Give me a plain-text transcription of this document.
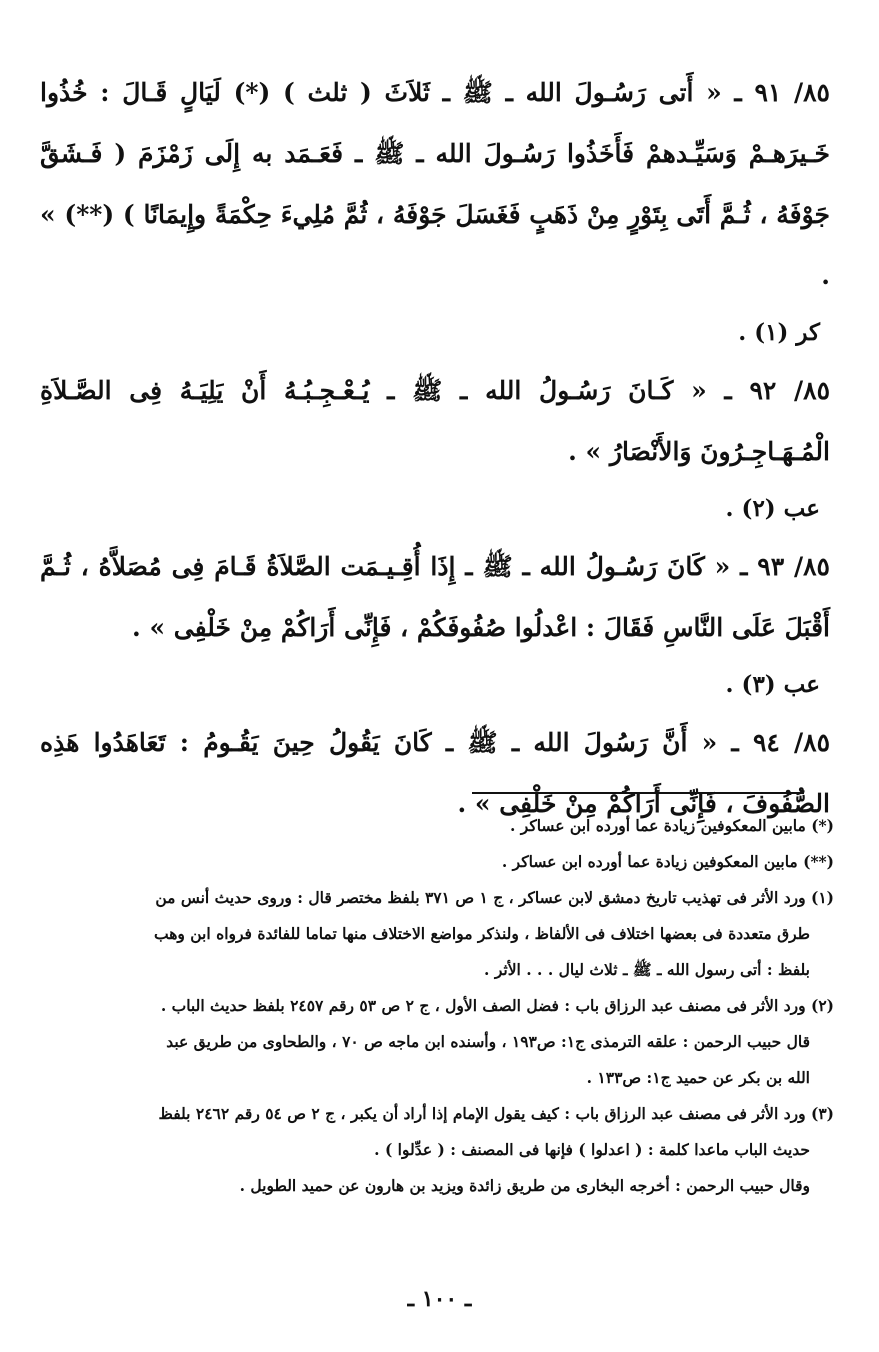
٨٥/ ٩١ ـ « أَتى رَسُـولَ الله ـ ﷺ ـ ثَلاَثَ ( ثلث ) (*) لَيَالٍ قَـالَ : خُذُوا خَـيرَهـمْ وَسَيِّـدهمْ فَأَخَذُوا رَسُـولَ الله ـ ﷺ ـ فَعَـمَد به إِلَى زَمْزَمَ ( فَـشَقَّ جَوْفَهُ ، ثُـمَّ أَتَى بِتَوْرٍ مِنْ ذَهَبٍ فَغَسَلَ جَوْفَهُ ، ثُمَّ مُلِيءَ حِكْمَةً وإِيمَانًا ) (**) » .

كر (١) .

٨٥/ ٩٢ ـ « كَـانَ رَسُـولُ الله ـ ﷺ ـ يُـعْـجِـبُـهُ أَنْ يَلِيَـهُ فِى الصَّـلاَةِ الْمُـهَـاجِـرُونَ وَالأَنْصَارُ » .

عب (٢) .

٨٥/ ٩٣ ـ « كَانَ رَسُـولُ الله ـ ﷺ ـ إِذَا أُقِـيـمَت الصَّلاَةُ قَـامَ فِى مُصَلاَّهُ ، ثُـمَّ أَقْبَلَ عَلَى النَّاسِ فَقَالَ : اعْدلُوا صُفُوفَكُمْ ، فَإِنِّى أَرَاكُمْ مِنْ خَلْفِى » .

عب (٣) .

٨٥/ ٩٤ ـ « أَنَّ رَسُولَ الله ـ ﷺ ـ كَانَ يَقُولُ حِينَ يَقُـومُ : تَعَاهَدُوا هَذِه الصُّفُوفَ ، فَإِنِّى أَرَاكُمْ مِنْ خَلْفِى » .

(*) مابين المعكوفين زيادة عما أورده ابن عساكر .

(**) مابين المعكوفين زيادة عما أورده ابن عساكر .

(١) ورد الأثر فى تهذيب تاريخ دمشق لابن عساكر ، ج ١ ص ٣٧١ بلفظ مختصر قال : وروى حديث أنس من

طرق متعددة فى بعضها اختلاف فى الألفاظ ، ولنذكر مواضع الاختلاف منها تماما للفائدة فرواه ابن وهب

بلفظ : أتى رسول الله ـ ﷺ ـ ثلاث ليال . . . الأثر .

(٢) ورد الأثر فى مصنف عبد الرزاق باب : فضل الصف الأول ، ج ٢ ص ٥٣ رقم ٢٤٥٧ بلفظ حديث الباب .

قال حبيب الرحمن : علقه الترمذى ج١: ص١٩٣ ، وأسنده ابن ماجه ص ٧٠ ، والطحاوى من طريق عبد

الله بن بكر عن حميد ج١: ص١٣٣ .

(٣) ورد الأثر فى مصنف عبد الرزاق باب : كيف يقول الإمام إذا أراد أن يكبر ، ج ٢ ص ٥٤ رقم ٢٤٦٢ بلفظ

حديث الباب ماعدا كلمة : ( اعدلوا ) فإنها فى المصنف : ( عدِّلوا ) .

وقال حبيب الرحمن : أخرجه البخارى من طريق زائدة ويزيد بن هارون عن حميد الطويل .

ـ ١٠٠ ـ
